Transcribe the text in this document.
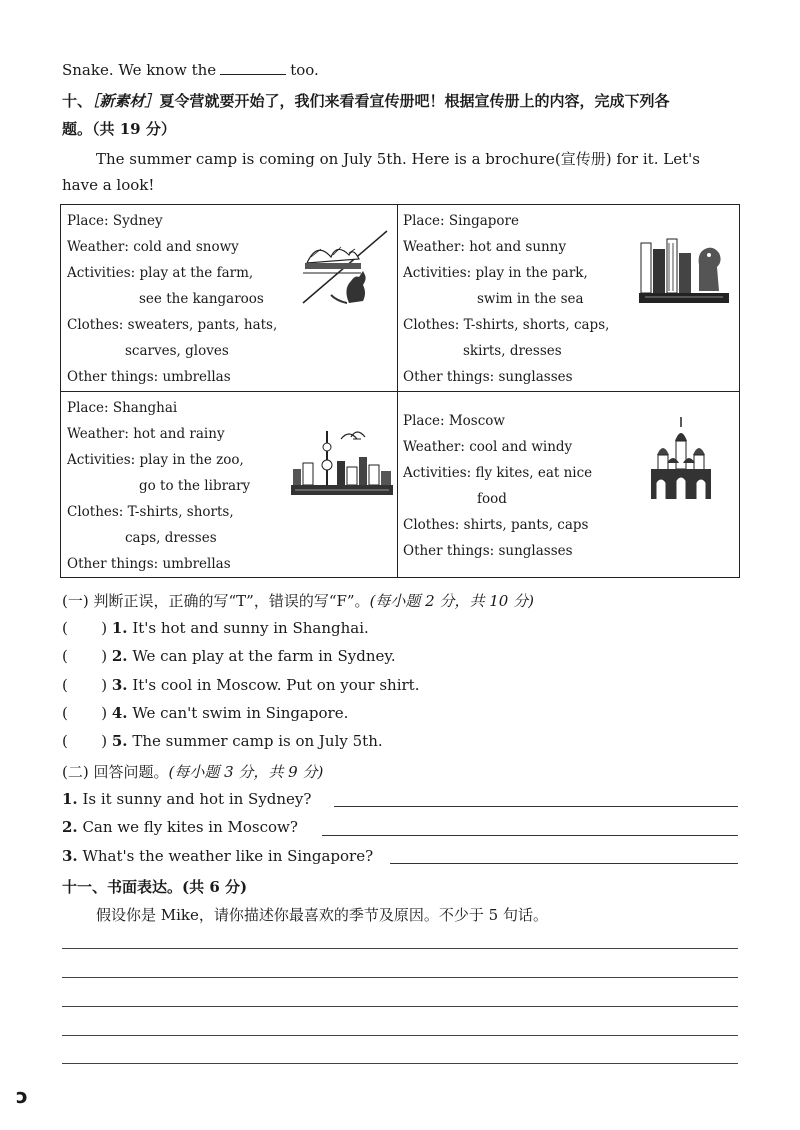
Snake. We know the	too.
十、［新素材］夏令营就要开始了，我们来看看宣传册吧！根据宣传册上的内容，完成下列各
题。（共 19 分）
The summer camp is coming on July 5th. Here is a brochure(宣传册) for it. Let's
have a look!
Place: Sydney
Weather: cold and snowy
Activities: play at the farm,
see the kangaroos
Clothes: sweaters, pants, hats,
scarves, gloves
Other things: umbrellas
Place: Singapore
Weather: hot and sunny
Activities: play in the park,
swim in the sea
Clothes: T-shirts, shorts, caps,
skirts, dresses
Other things: sunglasses
Place: Shanghai
Weather: hot and rainy
Activities: play in the zoo,
go to the library
Clothes: T-shirts, shorts,
caps, dresses
Other things: umbrellas
Place: Moscow
Weather: cool and windy
Activities: fly kites, eat nice
food
Clothes: shirts, pants, caps
Other things: sunglasses
(一) 判断正误，正确的写“T”，错误的写“F”。(每小题 2 分，共 10 分)
(       ) 1. It's hot and sunny in Shanghai.
(       ) 2. We can play at the farm in Sydney.
(       ) 3. It's cool in Moscow. Put on your shirt.
(       ) 4. We can't swim in Singapore.
(       ) 5. The summer camp is on July 5th.
(二) 回答问题。(每小题 3 分，共 9 分)
1. Is it sunny and hot in Sydney?
2. Can we fly kites in Moscow?
3. What's the weather like in Singapore?
十一、书面表达。(共 6 分)
假设你是 Mike，请你描述你最喜欢的季节及原因。不少于 5 句话。
ɔ
